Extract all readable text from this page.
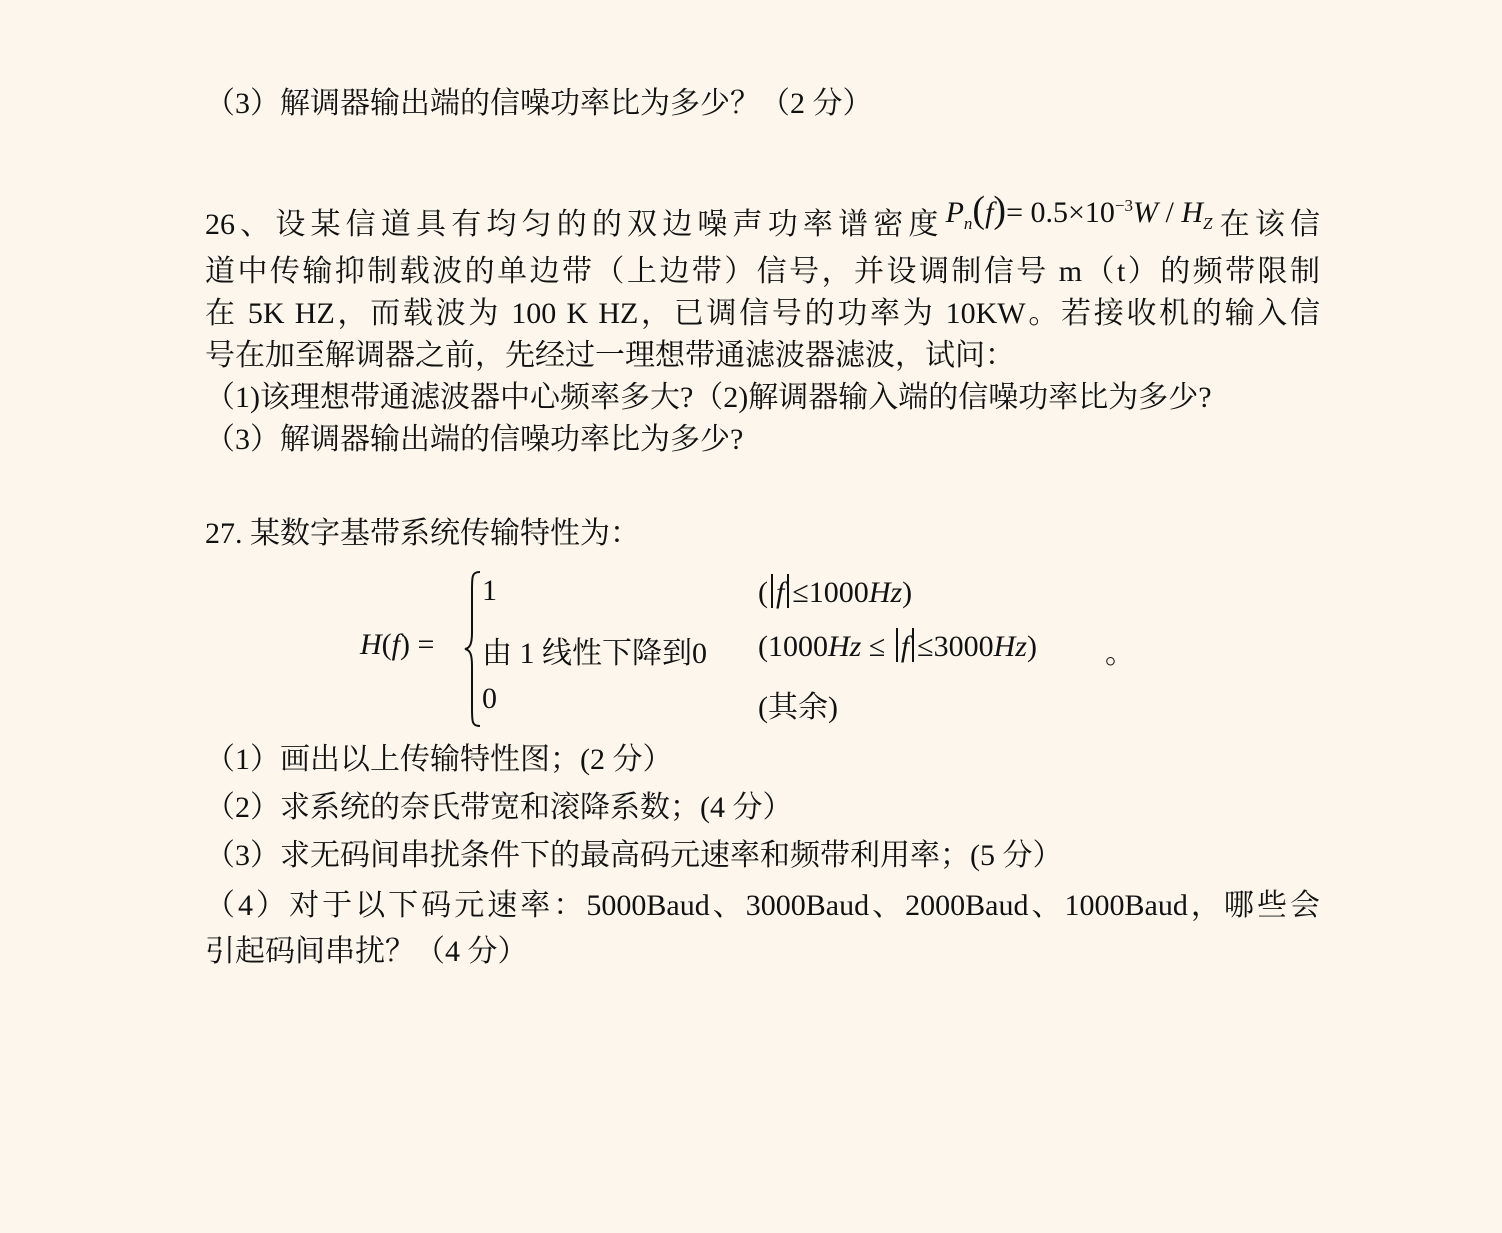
（3）解调器输出端的信噪功率比为多少？（2 分）
26、设某信道具有均匀的的双边噪声功率谱密度$P_n(f)= 0.5\times 10^{-3}W / H_Z$在该信
道中传输抑制载波的单边带（上边带）信号，并设调制信号 m（t）的频带限制
在 5K HZ，而载波为 100 K HZ，已调信号的功率为 10KW。若接收机的输入信
号在加至解调器之前，先经过一理想带通滤波器滤波，试问：
（1)该理想带通滤波器中心频率多大?（2)解调器输入端的信噪功率比为多少?
（3）解调器输出端的信噪功率比为多少?
27. 某数字基带系统传输特性为：
H(f) =
1	( f ≤1000Hz)
由 1 线性下降到0 (1000Hz ≤ f ≤3000Hz)
0	(其余)
。
（1）画出以上传输特性图；(2 分）
（2）求系统的奈氏带宽和滚降系数；(4 分）
（3）求无码间串扰条件下的最高码元速率和频带利用率；(5 分）
（4）对于以下码元速率：5000Baud、3000Baud、2000Baud、1000Baud，哪些会
引起码间串扰？（4 分）
